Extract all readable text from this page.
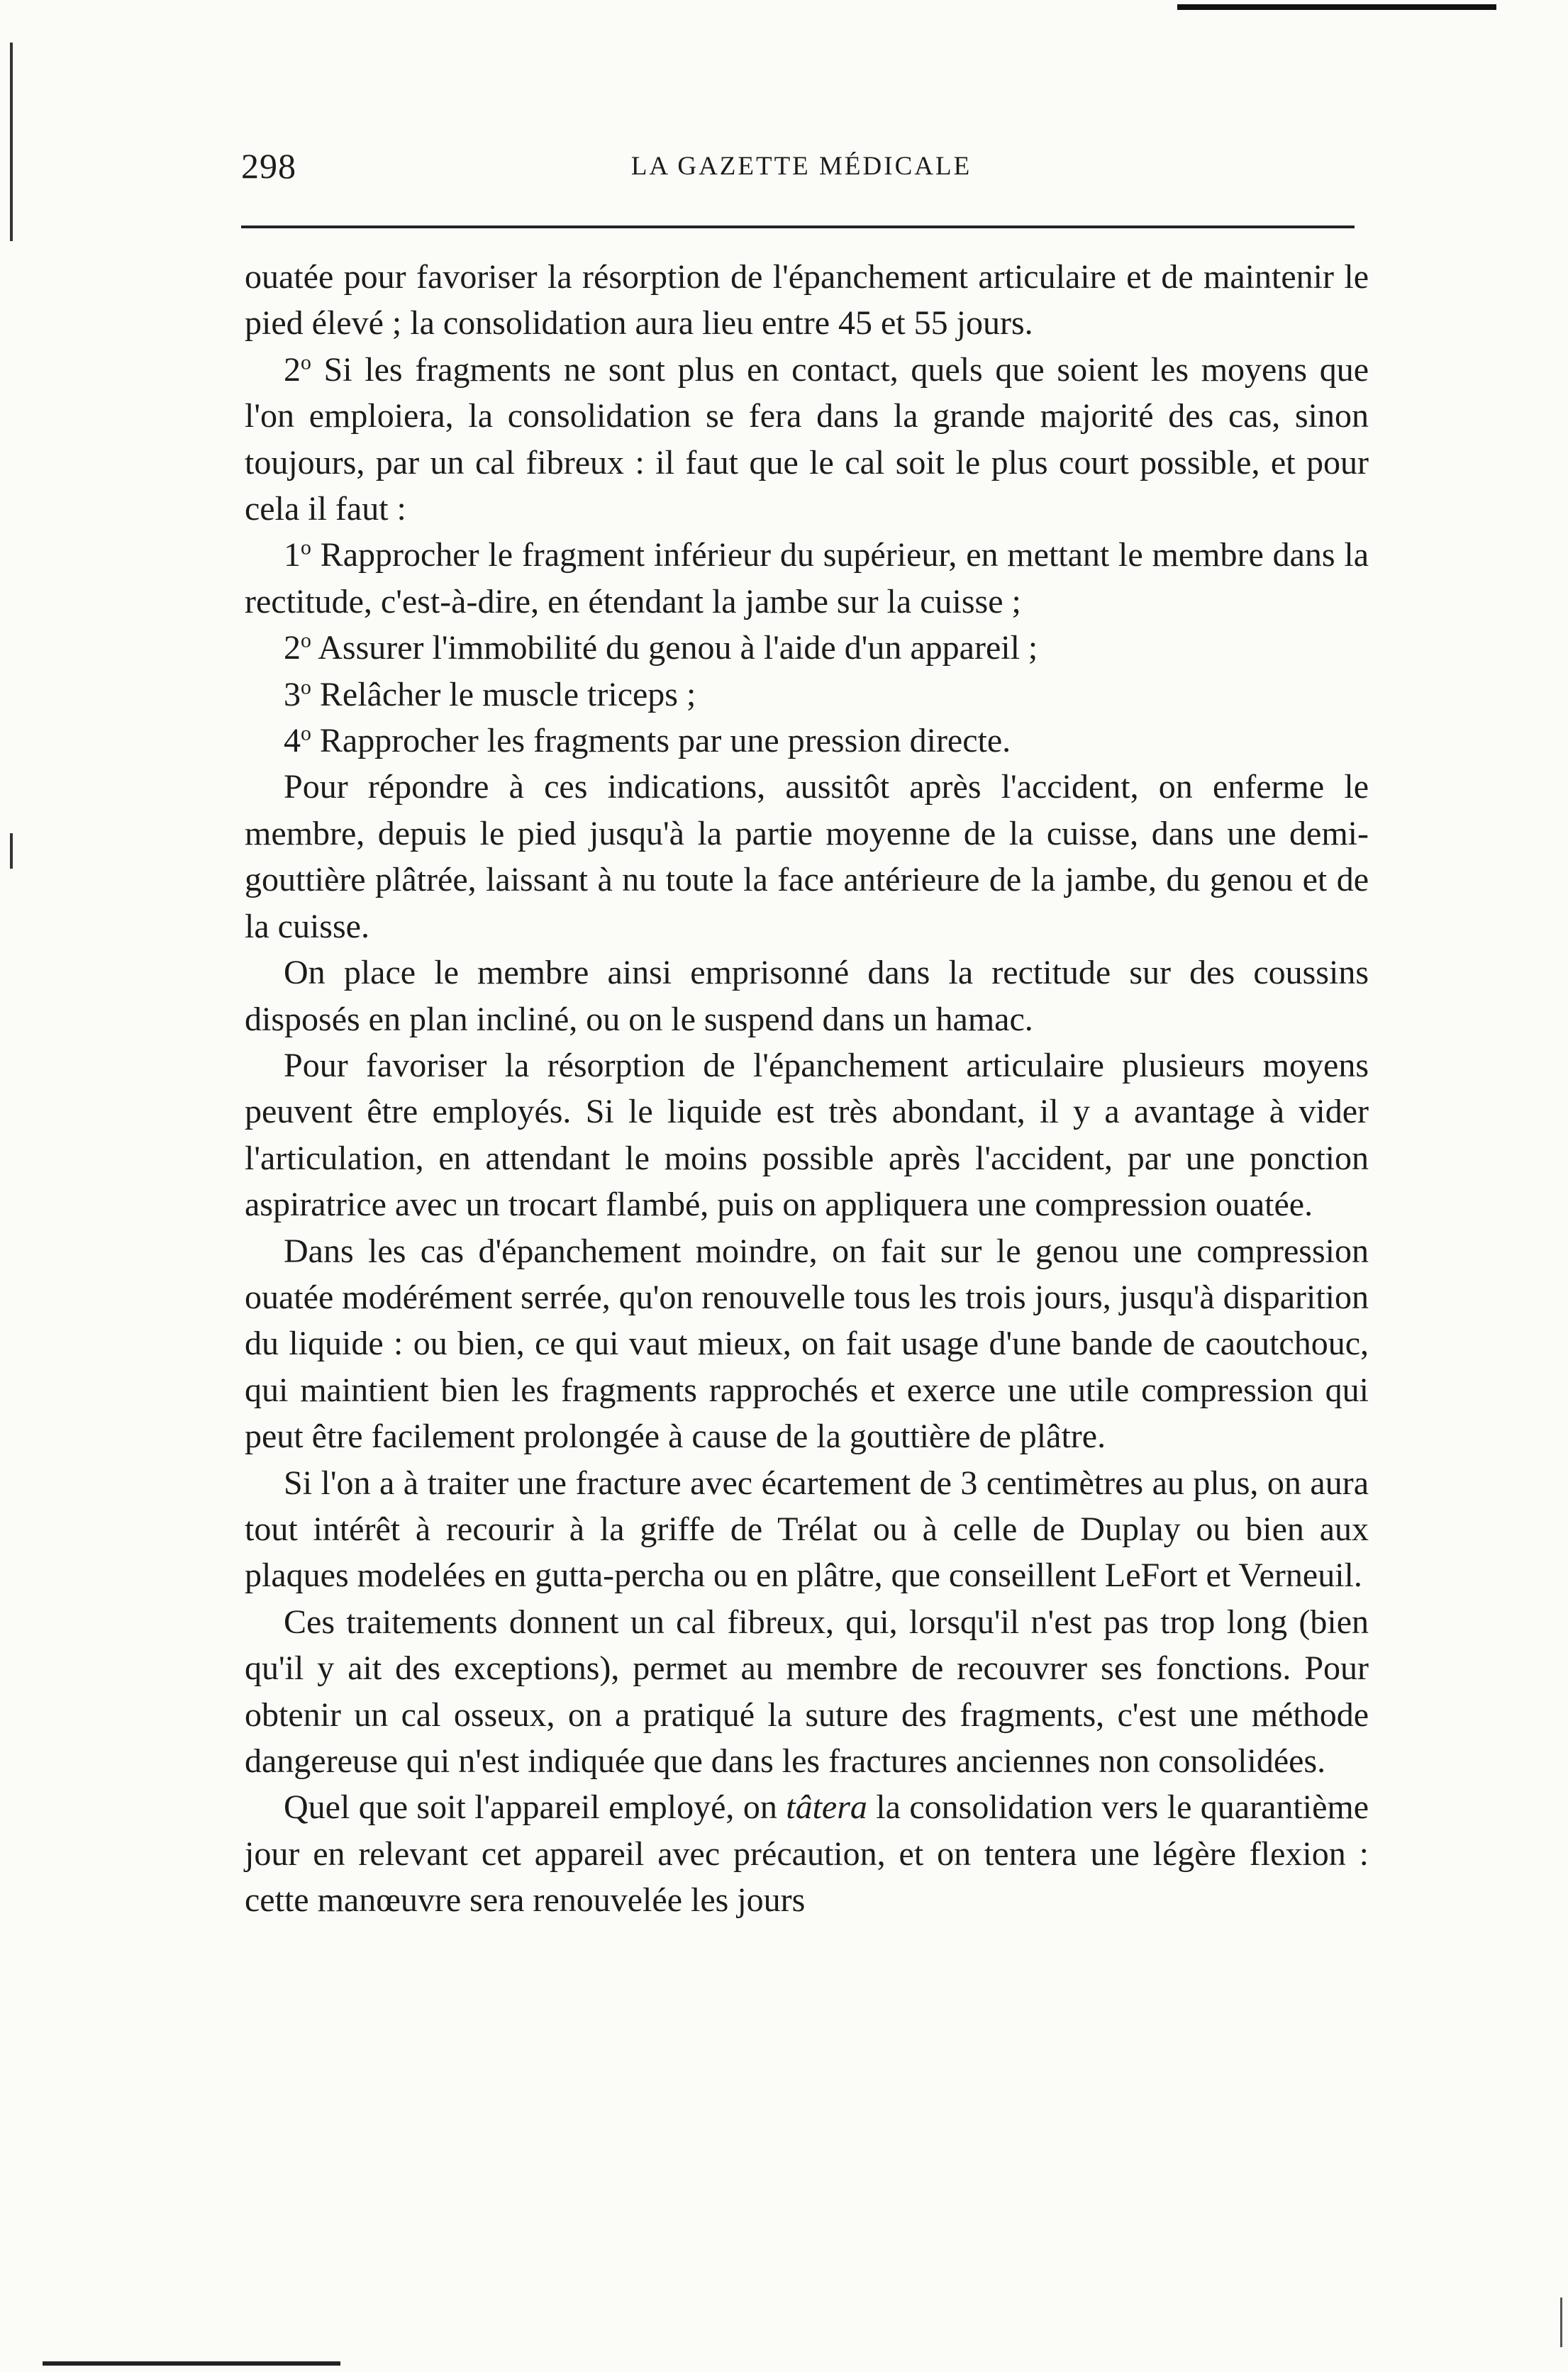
298	LA GAZETTE MÉDICALE

ouatée pour favoriser la résorption de l'épanchement articulaire et de maintenir le pied élevé ; la consolidation aura lieu entre 45 et 55 jours.

2$^o$ Si les fragments ne sont plus en contact, quels que soient les moyens que l'on emploiera, la consolidation se fera dans la grande majorité des cas, sinon toujours, par un cal fibreux : il faut que le cal soit le plus court possible, et pour cela il faut :

1$^o$ Rapprocher le fragment inférieur du supérieur, en mettant le membre dans la rectitude, c'est-à-dire, en étendant la jambe sur la cuisse ;

2$^o$ Assurer l'immobilité du genou à l'aide d'un appareil ;

3$^o$ Relâcher le muscle triceps ;

4$^o$ Rapprocher les fragments par une pression directe.

Pour répondre à ces indications, aussitôt après l'accident, on enferme le membre, depuis le pied jusqu'à la partie moyenne de la cuisse, dans une demi-gouttière plâtrée, laissant à nu toute la face antérieure de la jambe, du genou et de la cuisse.

On place le membre ainsi emprisonné dans la rectitude sur des coussins disposés en plan incliné, ou on le suspend dans un hamac.

Pour favoriser la résorption de l'épanchement articulaire plusieurs moyens peuvent être employés. Si le liquide est très abondant, il y a avantage à vider l'articulation, en attendant le moins possible après l'accident, par une ponction aspiratrice avec un trocart flambé, puis on appliquera une compression ouatée.

Dans les cas d'épanchement moindre, on fait sur le genou une compression ouatée modérément serrée, qu'on renouvelle tous les trois jours, jusqu'à disparition du liquide : ou bien, ce qui vaut mieux, on fait usage d'une bande de caoutchouc, qui maintient bien les fragments rapprochés et exerce une utile compression qui peut être facilement prolongée à cause de la gouttière de plâtre.

Si l'on a à traiter une fracture avec écartement de 3 centimètres au plus, on aura tout intérêt à recourir à la griffe de Trélat ou à celle de Duplay ou bien aux plaques modelées en gutta-percha ou en plâtre, que conseillent LeFort et Verneuil.

Ces traitements donnent un cal fibreux, qui, lorsqu'il n'est pas trop long (bien qu'il y ait des exceptions), permet au membre de recouvrer ses fonctions. Pour obtenir un cal osseux, on a pratiqué la suture des fragments, c'est une méthode dangereuse qui n'est indiquée que dans les fractures anciennes non consolidées.

Quel que soit l'appareil employé, on tâtera la consolidation vers le quarantième jour en relevant cet appareil avec précaution, et on tentera une légère flexion : cette manœuvre sera renouvelée les jours
